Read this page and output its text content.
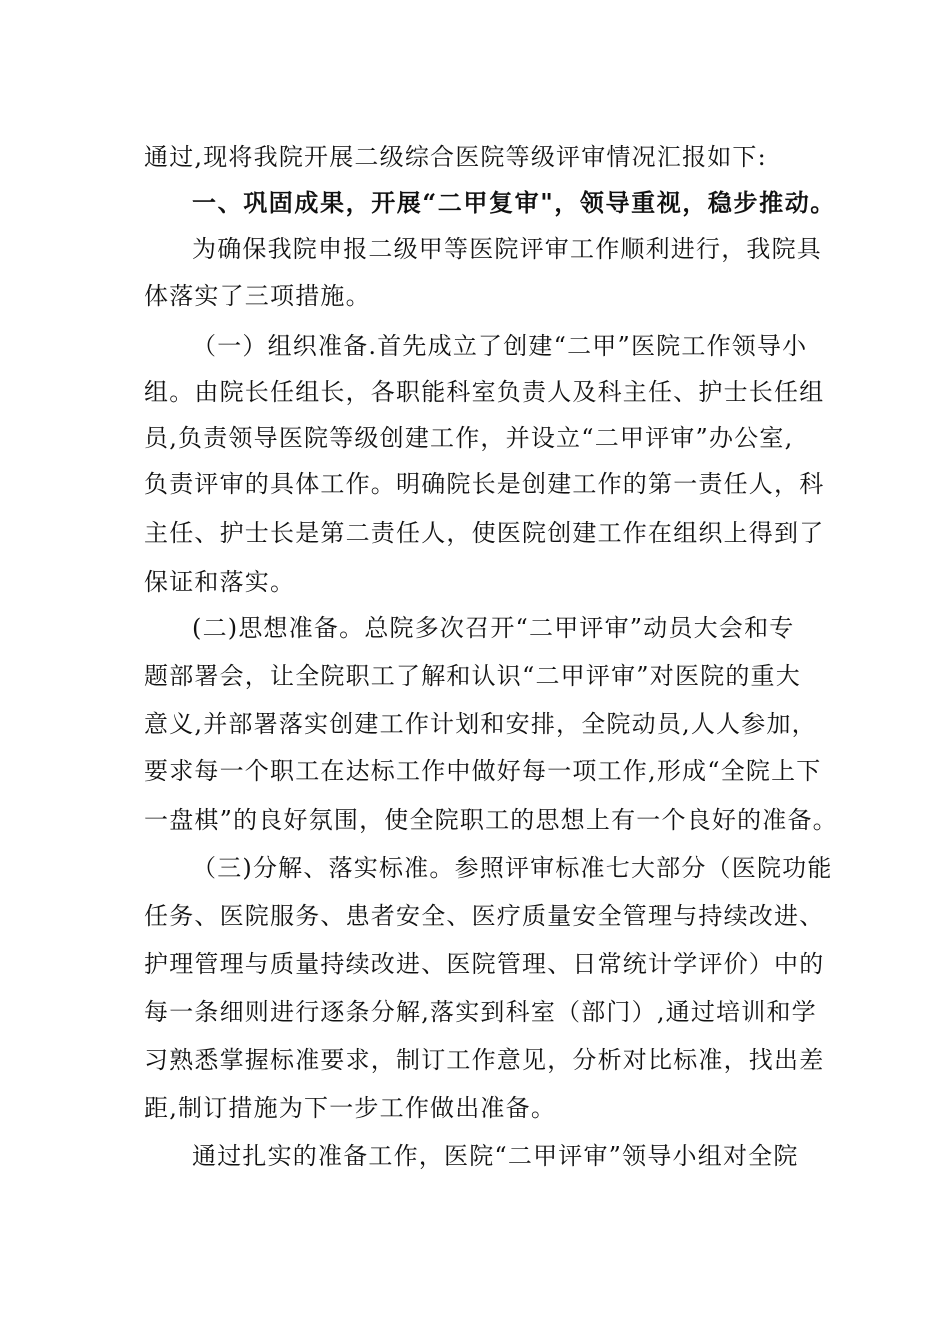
通过,现将我院开展二级综合医院等级评审情况汇报如下:
一、巩固成果，开展“二甲复审"，领导重视，稳步推动。
为确保我院申报二级甲等医院评审工作顺利进行，我院具
体落实了三项措施。
（一）组织准备.首先成立了创建“二甲”医院工作领导小
组。由院长任组长，各职能科室负责人及科主任、护士长任组
员,负责领导医院等级创建工作，并设立“二甲评审”办公室,
负责评审的具体工作。明确院长是创建工作的第一责任人，科
主任、护士长是第二责任人，使医院创建工作在组织上得到了
保证和落实。
(二)思想准备。总院多次召开“二甲评审”动员大会和专
题部署会，让全院职工了解和认识“二甲评审”对医院的重大
意义,并部署落实创建工作计划和安排，全院动员,人人参加，
要求每一个职工在达标工作中做好每一项工作,形成“全院上下
一盘棋”的良好氛围，使全院职工的思想上有一个良好的准备。
（三)分解、落实标准。参照评审标准七大部分（医院功能
任务、医院服务、患者安全、医疗质量安全管理与持续改进、
护理管理与质量持续改进、医院管理、日常统计学评价）中的
每一条细则进行逐条分解,落实到科室（部门）,通过培训和学
习熟悉掌握标准要求，制订工作意见，分析对比标准，找出差
距,制订措施为下一步工作做出准备。
通过扎实的准备工作，医院“二甲评审”领导小组对全院
